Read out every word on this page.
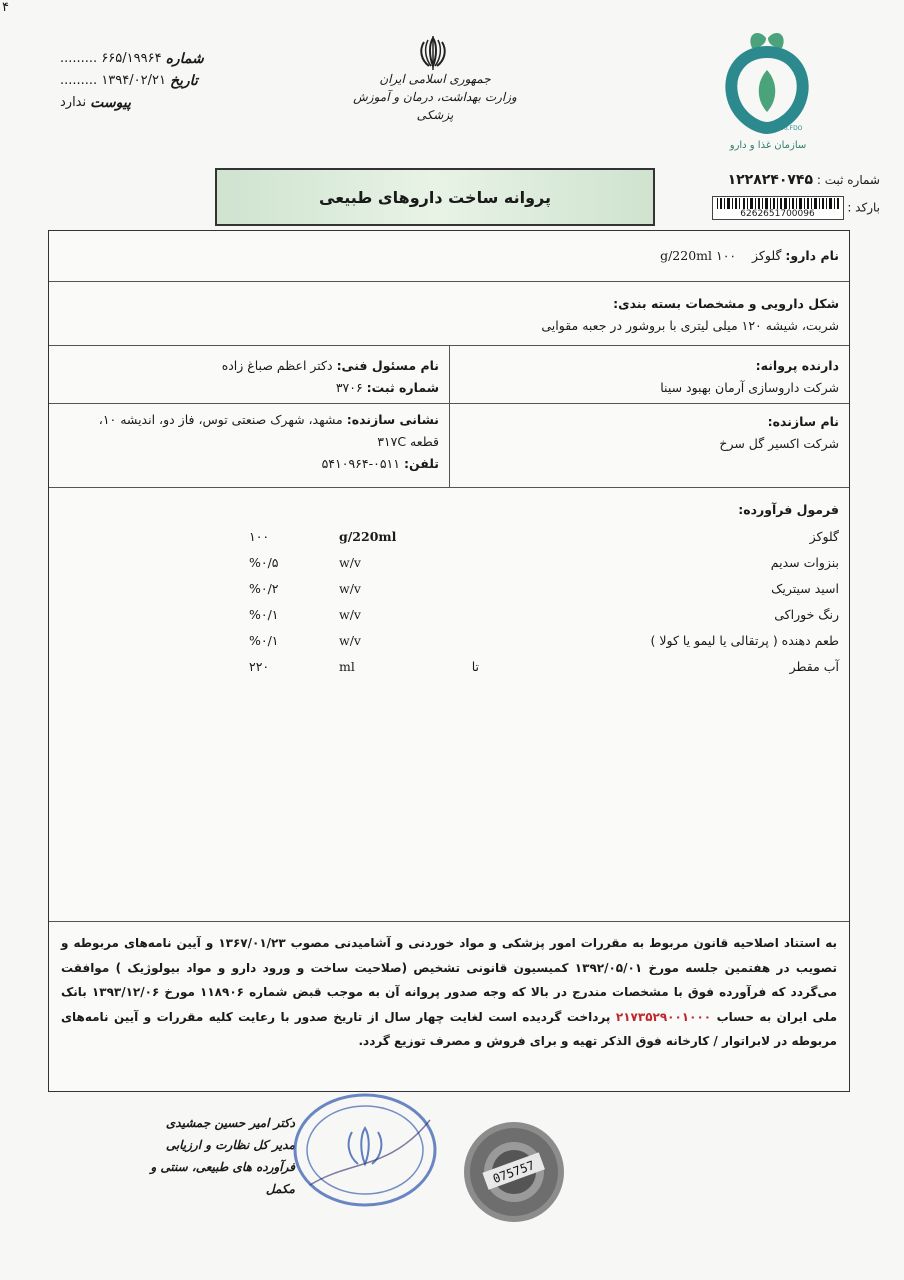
۴
شماره
۶۶۵/۱۹۹۶۴ .........
تاریخ
۱۳۹۴/۰۲/۲۱ .........
پیوست
ندارد
جمهوری اسلامی ایران
وزارت بهداشت، درمان و آموزش پزشکی
IRI.FDO
سازمان غذا و دارو
شماره ثبت : ۱۲۲۸۲۴۰۷۴۵
بارکد :
6262651700096
پروانه ساخت داروهای طبیعی
نام دارو: گلوکز    g/220ml ۱۰۰
شکل دارویی و مشخصات بسته بندی:
شربت، شیشه ۱۲۰ میلی لیتری با بروشور در جعبه مقوایی
دارنده پروانه:
شرکت داروسازی آرمان بهبود سینا
نام مسئول فنی: دکتر اعظم صباغ زاده
شماره ثبت: ۳۷۰۶
نام سازنده:
شرکت اکسیر گل سرخ
نشانی سازنده: مشهد، شهرک صنعتی توس، فاز دو، اندیشه ۱۰،
قطعه ۳۱۷C
تلفن: ۰۵۱۱-۵۴۱۰۹۶۴
فرمول فرآورده:
گلوکز
g/220ml
۱۰۰
بنزوات سدیم
w/v
%۰/۵
اسید سیتریک
w/v
%۰/۲
رنگ خوراکی
w/v
%۰/۱
طعم دهنده ( پرتقالی یا لیمو یا کولا )
w/v
%۰/۱
آب مقطر
تا
ml
۲۲۰
به استناد اصلاحیه قانون مربوط به مقررات امور پزشکی و مواد خوردنی و آشامیدنی مصوب ۱۳۶۷/۰۱/۲۳ و آیین نامه‌های مربوطه و تصویب در هفتمین جلسه مورخ ۱۳۹۲/۰۵/۰۱ کمیسیون قانونی تشخیص (صلاحیت ساخت و ورود دارو و مواد بیولوژیک ) موافقت می‌گردد که فرآورده فوق با مشخصات مندرج در بالا که وجه صدور پروانه آن به موجب قبض شماره ۱۱۸۹۰۶ مورخ ۱۳۹۳/۱۲/۰۶ بانک ملی ایران به حساب ۲۱۷۳۵۲۹۰۰۱۰۰۰ پرداخت گردیده است لغایت چهار سال از تاریخ صدور با رعایت کلیه مقررات و آیین نامه‌های مربوطه در لابراتوار / کارخانه فوق الذکر تهیه و برای فروش و مصرف توزیع گردد.
دکتر امیر حسین جمشیدی
مدیر کل نظارت و ارزیابی
فرآورده های طبیعی، سنتی و مکمل
075757
